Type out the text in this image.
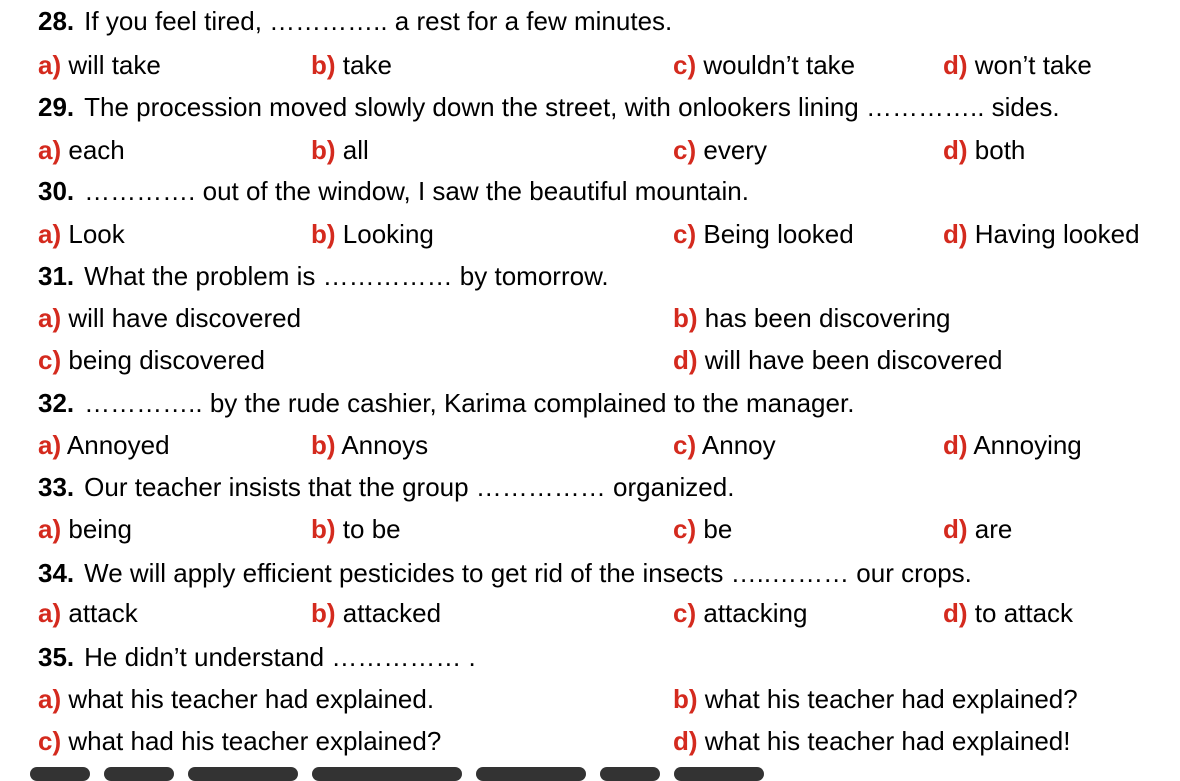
28. If you feel tired, ………….. a rest for a few minutes.
a) will take	b) take	c) wouldn’t take	d) won’t take
29. The procession moved slowly down the street, with onlookers lining ………….. sides.
a) each	b) all	c) every	d) both
30. …………. out of the window, I saw the beautiful mountain.
a) Look	b) Looking	c) Being looked	d) Having looked
31. What the problem is …………… by tomorrow.
a) will have discovered	b) has been discovering
c) being discovered	d) will have been discovered
32. ………….. by the rude cashier, Karima complained to the manager.
a) Annoyed	b) Annoys	c) Annoy	d) Annoying
33. Our teacher insists that the group …………… organized.
a) being	b) to be	c) be	d) are
34. We will apply efficient pesticides to get rid of the insects …..……… our crops.
a) attack	b) attacked	c) attacking	d) to attack
35. He didn’t understand …………… .
a) what his teacher had explained.	b) what his teacher had explained?
c) what had his teacher explained?	d) what his teacher had explained!
